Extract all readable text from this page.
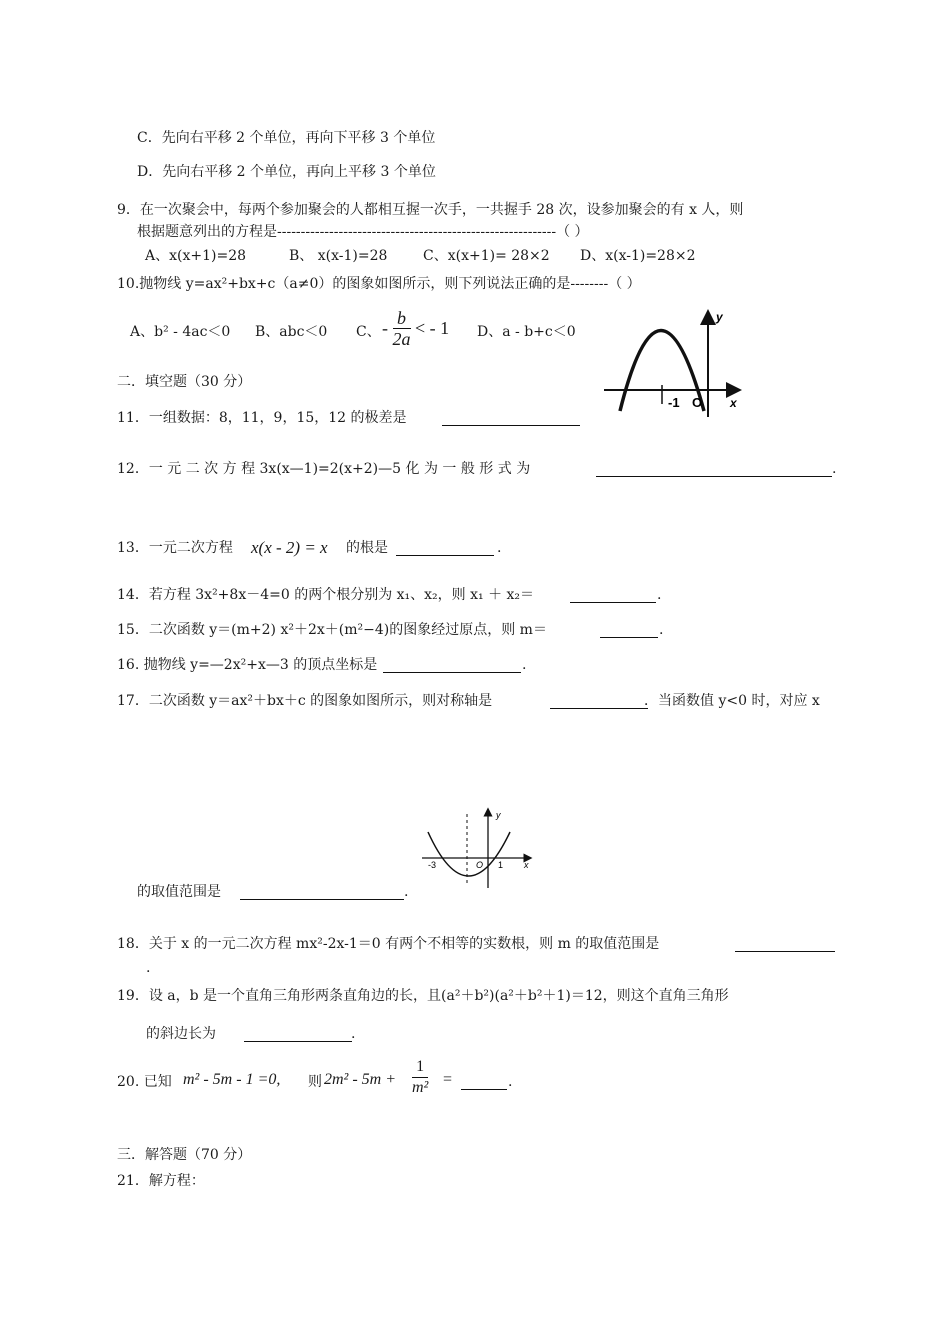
C．先向右平移 2 个单位，再向下平移 3 个单位
D．先向右平移 2 个单位，再向上平移 3 个单位
9．在一次聚会中，每两个参加聚会的人都相互握一次手，一共握手 28 次，设参加聚会的有 x 人，则
根据题意列出的方程是-----------------------------------------------------------（ ）
A、x(x+1)=28	B、 x(x-1)=28	C、x(x+1)= 28×2 D、x(x-1)=28×2
10.抛物线 y=ax²+bx+c（a≠0）的图象如图所示，则下列说法正确的是--------（ ）
A、b² - 4ac＜0 B、abc＜0 C、 - $\frac{b}{2a}$ < - 1 D、a - b+c＜0
y
x
-1 O
二．填空题（30 分）
11．一组数据：8，11，9，15，12 的极差是
12．一 元 二 次 方 程 3x(x—1)=2(x+2)—5 化 为 一 般 形 式 为	.
13．一元二次方程 x(x - 2) = x 的根是	.
14．若方程 3x²+8x－4=0 的两个根分别为 x₁、x₂，则 x₁ ＋ x₂＝	.
15．二次函数 y＝(m+2) x²＋2x＋(m²−4)的图象经过原点，则 m＝	.
16. 抛物线 y=—2x²+x—3 的顶点坐标是	.
17．二次函数 y＝ax²＋bx＋c 的图象如图所示，则对称轴是	．当函数值 y<0 时，对应 x
y
x
-3	O 1
的取值范围是	.
18．关于 x 的一元二次方程 mx²-2x-1＝0 有两个不相等的实数根，则 m 的取值范围是
.
19．设 a，b 是一个直角三角形两条直角边的长，且(a²＋b²)(a²＋b²＋1)＝12，则这个直角三角形
的斜边长为	.
20. 已知 m² - 5m - 1 =0, 则 $2m^2 - 5m + \frac{1}{\text{m²}}$ =	.
三．解答题（70 分）
21．解方程：
